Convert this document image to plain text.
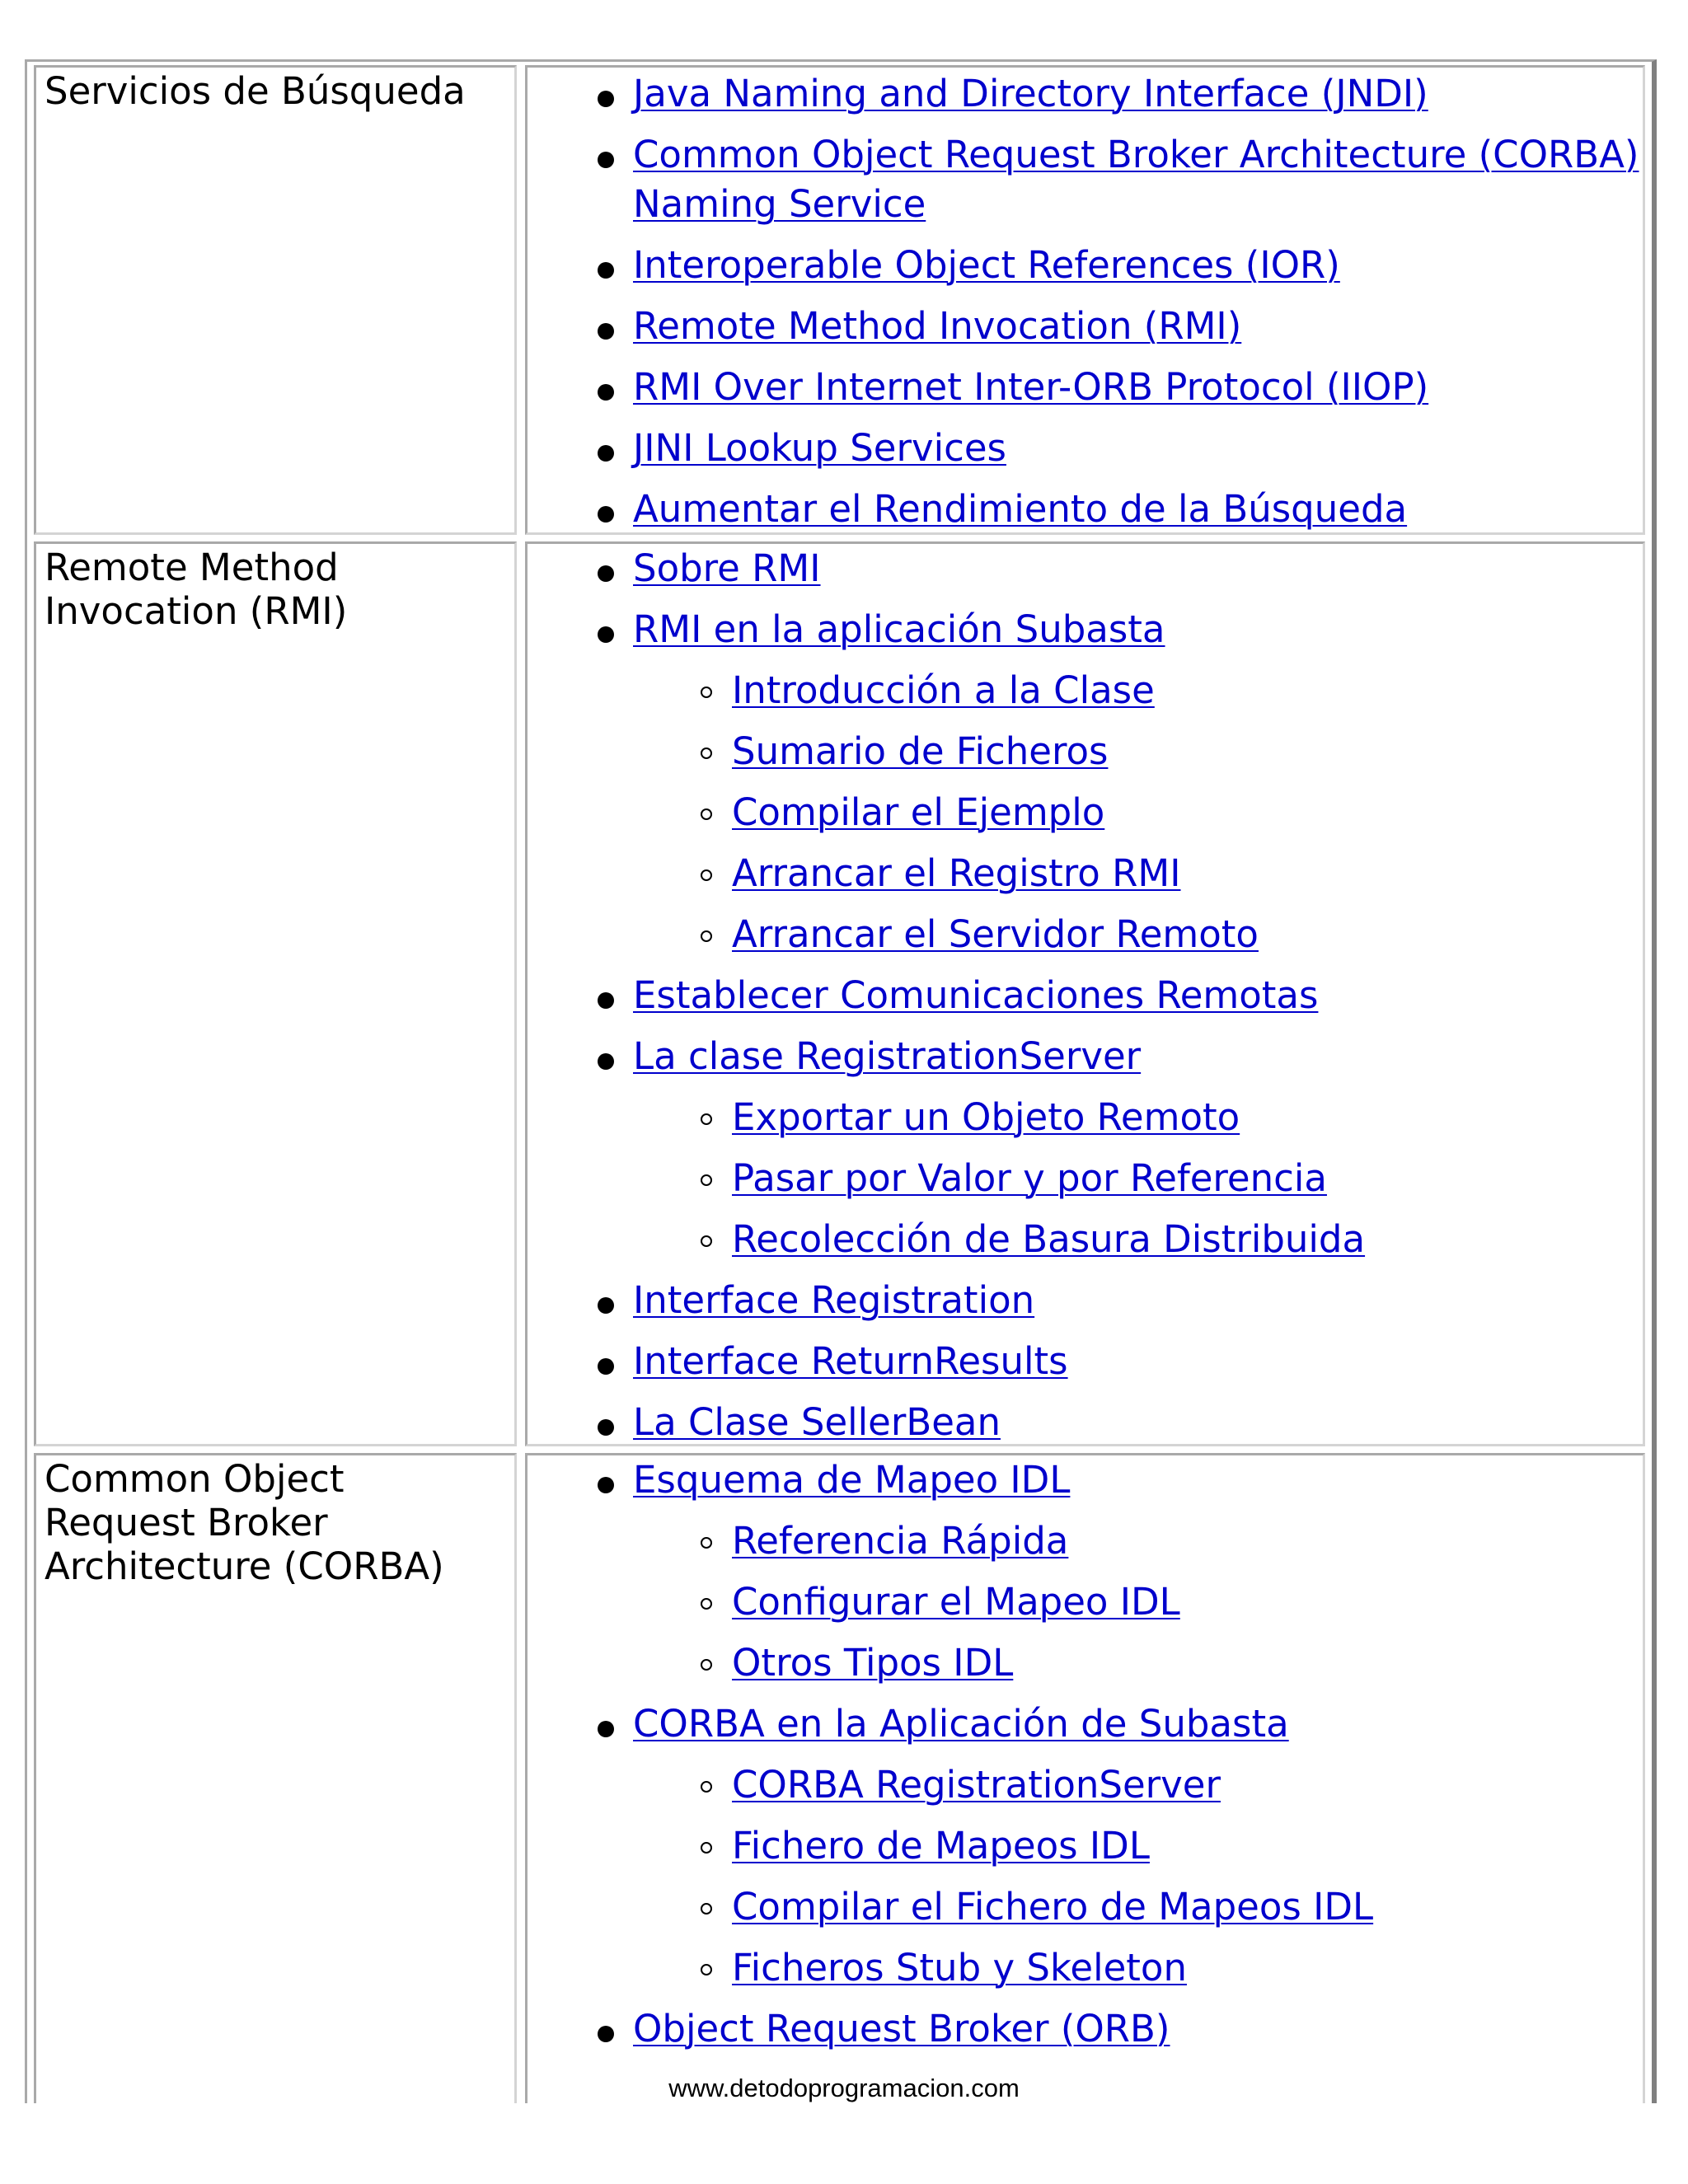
Servicios de Búsqueda	Java Naming and Directory Interface (JNDI)
Common Object Request Broker Architecture (CORBA) Naming Service
Interoperable Object References (IOR)
Remote Method Invocation (RMI)
RMI Over Internet Inter-ORB Protocol (IIOP)
JINI Lookup Services
Aumentar el Rendimiento de la Búsqueda

Remote Method Invocation (RMI)

Sobre RMI
RMI en la aplicación Subasta
Introducción a la Clase
Sumario de Ficheros
Compilar el Ejemplo
Arrancar el Registro RMI
Arrancar el Servidor Remoto
Establecer Comunicaciones Remotas
La clase RegistrationServer
Exportar un Objeto Remoto
Pasar por Valor y por Referencia
Recolección de Basura Distribuida
Interface Registration
Interface ReturnResults
La Clase SellerBean

Common Object Request Broker Architecture (CORBA)

Esquema de Mapeo IDL
Referencia Rápida
Configurar el Mapeo IDL
Otros Tipos IDL
CORBA en la Aplicación de Subasta
CORBA RegistrationServer
Fichero de Mapeos IDL
Compilar el Fichero de Mapeos IDL
Ficheros Stub y Skeleton
Object Request Broker (ORB)
www.detodoprogramacion.com
